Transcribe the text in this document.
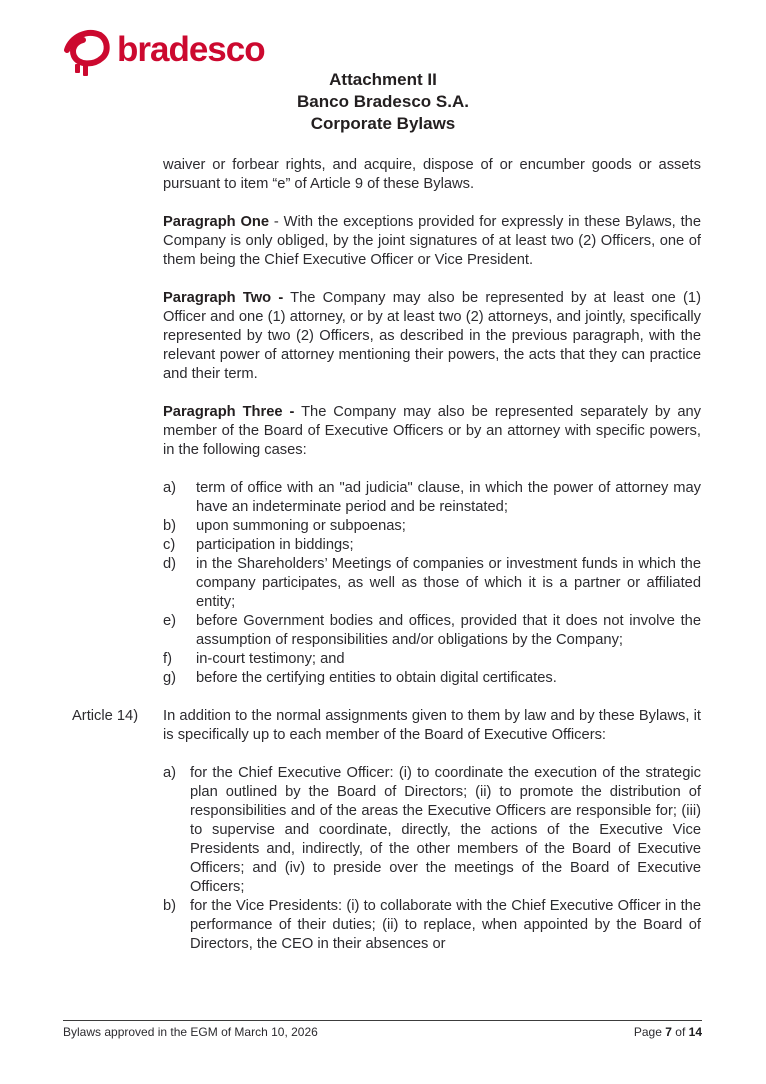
bradesco
Attachment II
Banco Bradesco S.A.
Corporate Bylaws

waiver or forbear rights, and acquire, dispose of or encumber goods or assets pursuant to item “e” of Article 9 of these Bylaws.

Paragraph One - With the exceptions provided for expressly in these Bylaws, the Company is only obliged, by the joint signatures of at least two (2) Officers, one of them being the Chief Executive Officer or Vice President.

Paragraph Two - The Company may also be represented by at least one (1) Officer and one (1) attorney, or by at least two (2) attorneys, and jointly, specifically represented by two (2) Officers, as described in the previous paragraph, with the relevant power of attorney mentioning their powers, the acts that they can practice and their term.

Paragraph Three - The Company may also be represented separately by any member of the Board of Executive Officers or by an attorney with specific powers, in the following cases:

a)	term of office with an "ad judicia" clause, in which the power of attorney may have an indeterminate period and be reinstated;
b)	upon summoning or subpoenas;
c)	participation in biddings;
d)	in the Shareholders’ Meetings of companies or investment funds in which the company participates, as well as those of which it is a partner or affiliated entity;
e)	before Government bodies and offices, provided that it does not involve the assumption of responsibilities and/or obligations by the Company;
f)	in-court testimony; and
g)	before the certifying entities to obtain digital certificates.
Article 14)	In addition to the normal assignments given to them by law and by these Bylaws, it is specifically up to each member of the Board of Executive Officers:
a) for the Chief Executive Officer: (i) to coordinate the execution of the strategic plan outlined by the Board of Directors; (ii) to promote the distribution of responsibilities and of the areas the Executive Officers are responsible for; (iii) to supervise and coordinate, directly, the actions of the Executive Vice Presidents and, indirectly, of the other members of the Board of Executive Officers; and (iv) to preside over the meetings of the Board of Executive Officers;
b) for the Vice Presidents: (i) to collaborate with the Chief Executive Officer in the performance of their duties; (ii) to replace, when appointed by the Board of Directors, the CEO in their absences or
Bylaws approved in the EGM of March 10, 2026	Page 7 of 14
